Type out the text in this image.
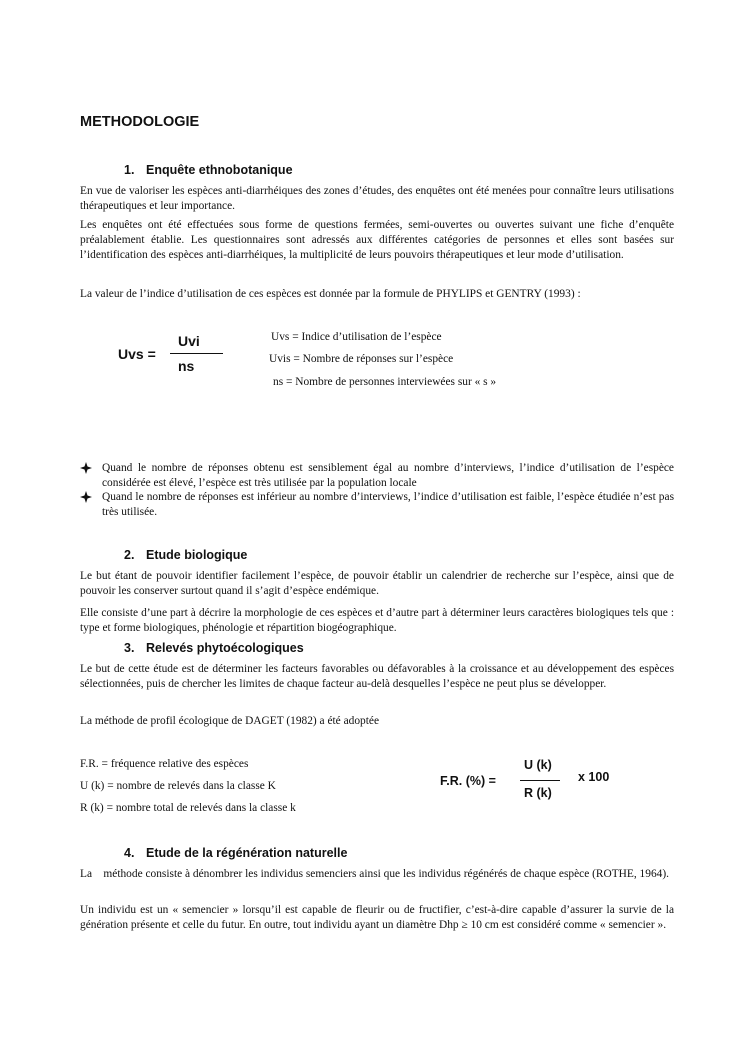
METHODOLOGIE
1. Enquête ethnobotanique
En vue de valoriser les espèces anti-diarrhéiques des zones d’études, des enquêtes ont été menées pour connaître leurs utilisations thérapeutiques et leur importance.
Les enquêtes ont été effectuées sous forme de questions fermées, semi-ouvertes ou ouvertes suivant une fiche d’enquête préalablement établie. Les questionnaires sont adressés aux différentes catégories de personnes et elles sont basées sur l’identification des espèces anti-diarrhéiques, la multiplicité de leurs pouvoirs thérapeutiques et leur mode d’utilisation.
La valeur de l’indice d’utilisation de ces espèces est donnée par la formule de PHYLIPS et GENTRY (1993) :
Uvs =
Uvi
ns
Uvs = Indice d’utilisation de l’espèce
Uvis = Nombre de réponses sur l’espèce
ns = Nombre de personnes interviewées sur « s »
Quand le nombre de réponses obtenu est sensiblement égal au nombre d’interviews, l’indice d’utilisation de l’espèce considérée est élevé, l’espèce est très utilisée par la population locale
Quand le nombre de réponses est inférieur au nombre d’interviews, l’indice d’utilisation est faible, l’espèce étudiée n’est pas très utilisée.
2. Etude biologique
Le but étant de pouvoir identifier facilement l’espèce, de pouvoir établir un calendrier de recherche sur l’espèce, ainsi que de pouvoir les conserver surtout quand il s’agit d’espèce endémique.
Elle consiste d’une part à décrire la morphologie de ces espèces et d’autre part à déterminer leurs caractères biologiques tels que : type et forme biologiques, phénologie et répartition biogéographique.
3. Relevés phytoécologiques
Le but de cette étude est de déterminer les facteurs favorables ou défavorables à la croissance et au développement des espèces sélectionnées, puis de chercher les limites de chaque facteur au-delà desquelles l’espèce ne peut plus se développer.
La méthode de profil écologique de DAGET (1982) a été adoptée
F.R. = fréquence relative des espèces
U (k) = nombre de relevés dans la classe K
R (k) = nombre total de relevés dans la classe k
F.R. (%) =
U (k)
R (k)
x 100
4. Etude de la régénération naturelle
La    méthode consiste à dénombrer les individus semenciers ainsi que les individus régénérés de chaque espèce (ROTHE, 1964).
Un individu est un « semencier » lorsqu’il est capable de fleurir ou de fructifier, c’est-à-dire capable d’assurer la survie de la génération présente et celle du futur. En outre, tout individu ayant un diamètre Dhp ≥ 10 cm est considéré comme « semencier ».
